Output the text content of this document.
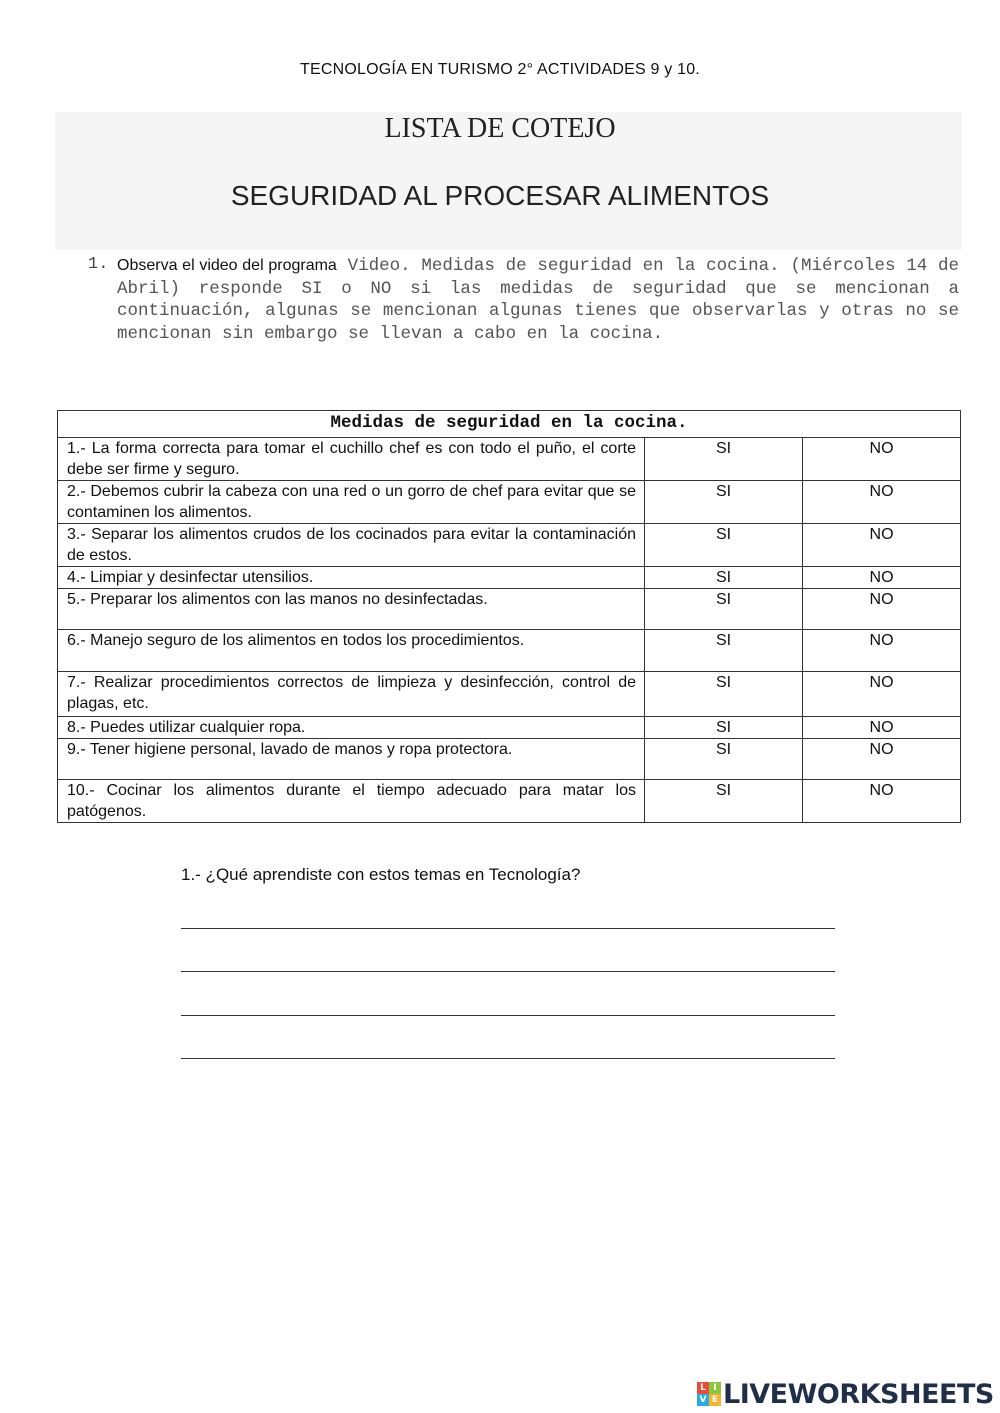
TECNOLOGÍA EN TURISMO 2° ACTIVIDADES 9 y 10.
LISTA DE COTEJO
SEGURIDAD AL PROCESAR ALIMENTOS
1. Observa el video del programa Video. Medidas de seguridad en la cocina. (Miércoles 14 de Abril) responde SI o NO si las medidas de seguridad que se mencionan a continuación, algunas se mencionan algunas tienes que observarlas y otras no se mencionan sin embargo se llevan a cabo en la cocina.
Medidas de seguridad en la cocina.		
1.- La forma correcta para tomar el cuchillo chef es con todo el puño, el corte debe ser firme y seguro.	SI	NO
2.- Debemos cubrir la cabeza con una red o un gorro de chef para evitar que se contaminen los alimentos.	SI	NO
3.- Separar los alimentos crudos de los cocinados para evitar la contaminación de estos.	SI	NO
4.- Limpiar y desinfectar utensilios.	SI	NO
5.- Preparar los alimentos con las manos no desinfectadas.	SI	NO
6.- Manejo seguro de los alimentos en todos los procedimientos.	SI	NO
7.- Realizar procedimientos correctos de limpieza y desinfección, control de plagas, etc.	SI	NO
8.- Puedes utilizar cualquier ropa.	SI	NO
9.- Tener higiene personal, lavado de manos y ropa protectora.	SI	NO
10.- Cocinar los alimentos durante el tiempo adecuado para matar los patógenos.	SI	NO
1.- ¿Qué aprendiste con estos temas en Tecnología?
L I
V E LIVEWORKSHEETS
